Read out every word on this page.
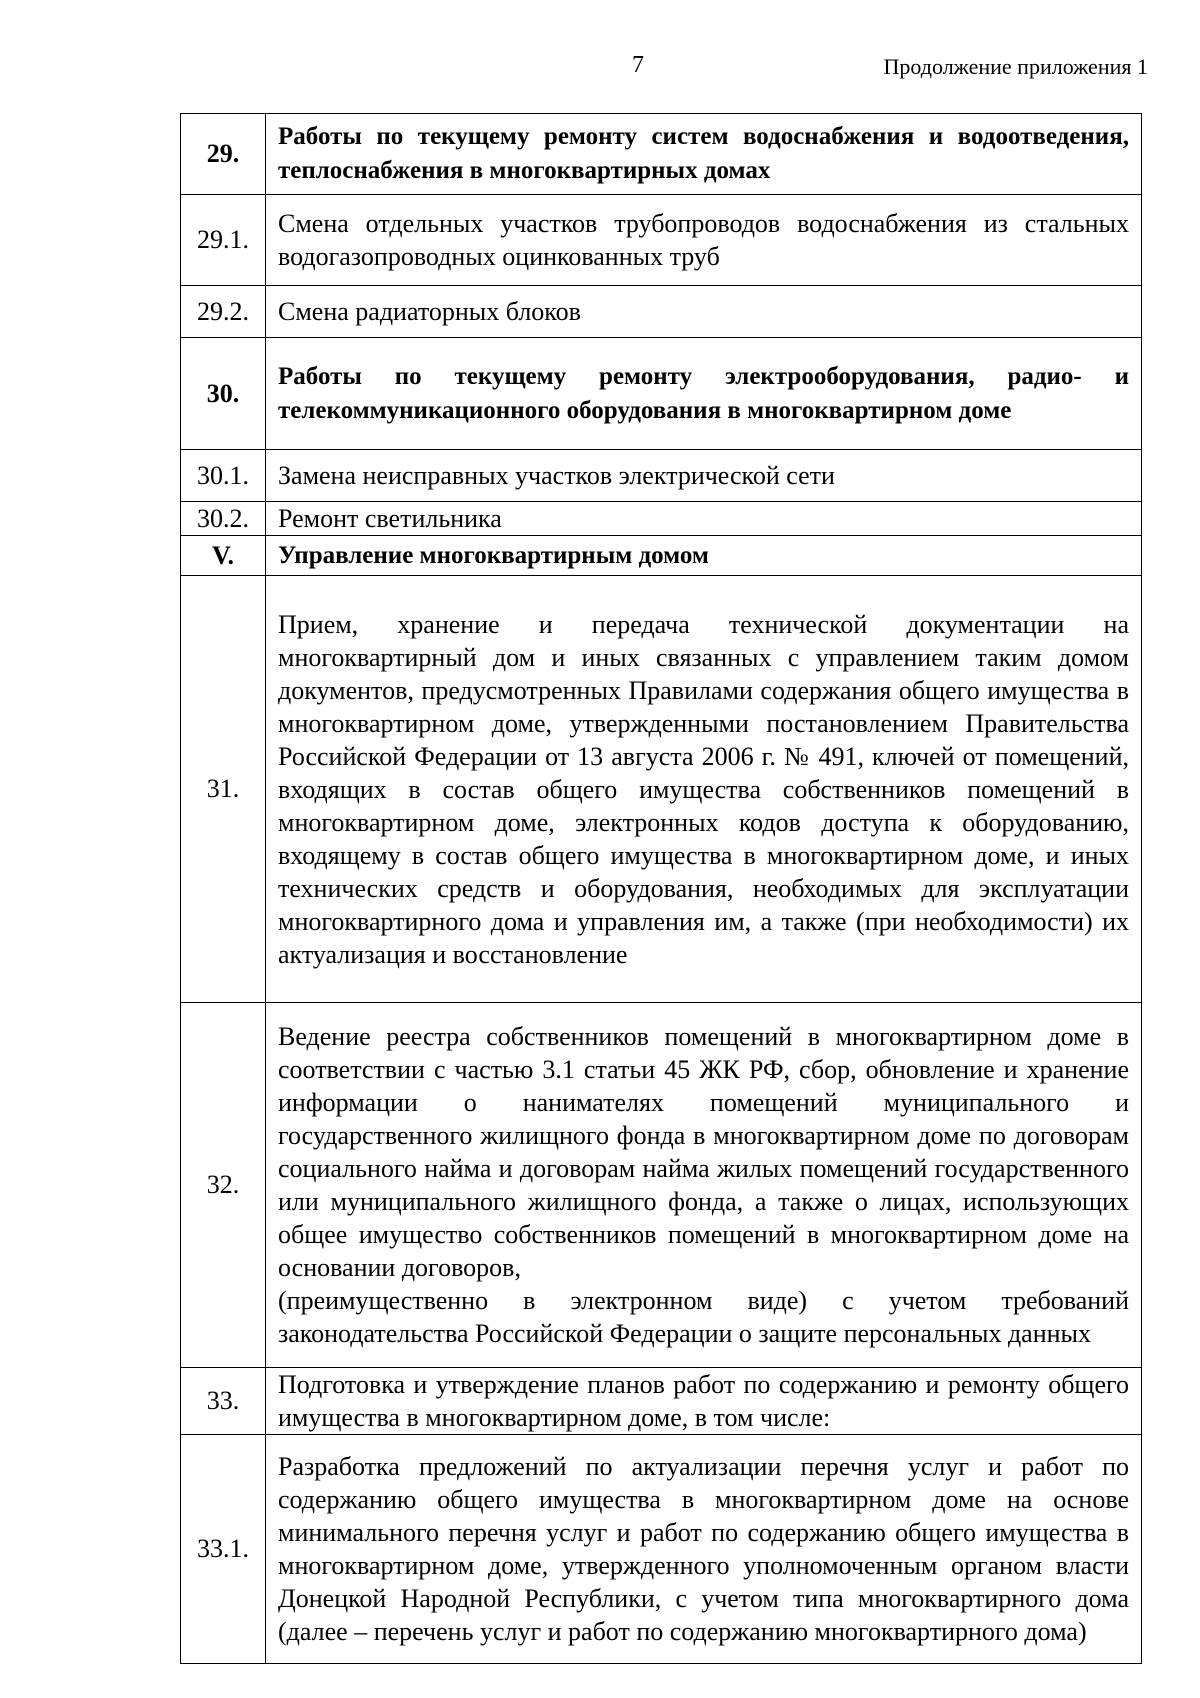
7	Продолжение приложения 1
29.	Работы по текущему ремонту систем водоснабжения и водоотведения, теплоснабжения в многоквартирных домах
29.1.	Смена отдельных участков трубопроводов водоснабжения из стальных водогазопроводных оцинкованных труб
29.2.	Смена радиаторных блоков
30.	Работы по текущему ремонту электрооборудования, радио- и телекоммуникационного оборудования в многоквартирном доме
30.1.	Замена неисправных участков электрической сети
30.2.	Ремонт светильника
V.	Управление многоквартирным домом
31.	Прием, хранение и передача технической документации на многоквартирный дом и иных связанных с управлением таким домом документов, предусмотренных Правилами содержания общего имущества в многоквартирном доме, утвержденными постановлением Правительства Российской Федерации от 13 августа 2006 г. № 491, ключей от помещений, входящих в состав общего имущества собственников помещений в многоквартирном доме, электронных кодов доступа к оборудованию, входящему в состав общего имущества в многоквартирном доме, и иных технических средств и оборудования, необходимых для эксплуатации многоквартирного дома и управления им, а также (при необходимости) их актуализация и восстановление
32.	Ведение реестра собственников помещений в многоквартирном доме в соответствии с частью 3.1 статьи 45 ЖК РФ, сбор, обновление и хранение информации о нанимателях помещений муниципального и государственного жилищного фонда в многоквартирном доме по договорам социального найма и договорам найма жилых помещений государственного или муниципального жилищного фонда, а также о лицах, использующих общее имущество собственников помещений в многоквартирном доме на основании договоров,
(преимущественно в электронном виде) с учетом требований законодательства Российской Федерации о защите персональных данных

33.	Подготовка и утверждение планов работ по содержанию и ремонту общего имущества в многоквартирном доме, в том числе:
33.1.	Разработка предложений по актуализации перечня услуг и работ по содержанию общего имущества в многоквартирном доме на основе минимального перечня услуг и работ по содержанию общего имущества в многоквартирном доме, утвержденного уполномоченным органом власти Донецкой Народной Республики, с учетом типа многоквартирного дома (далее – перечень услуг и работ по содержанию многоквартирного дома)
